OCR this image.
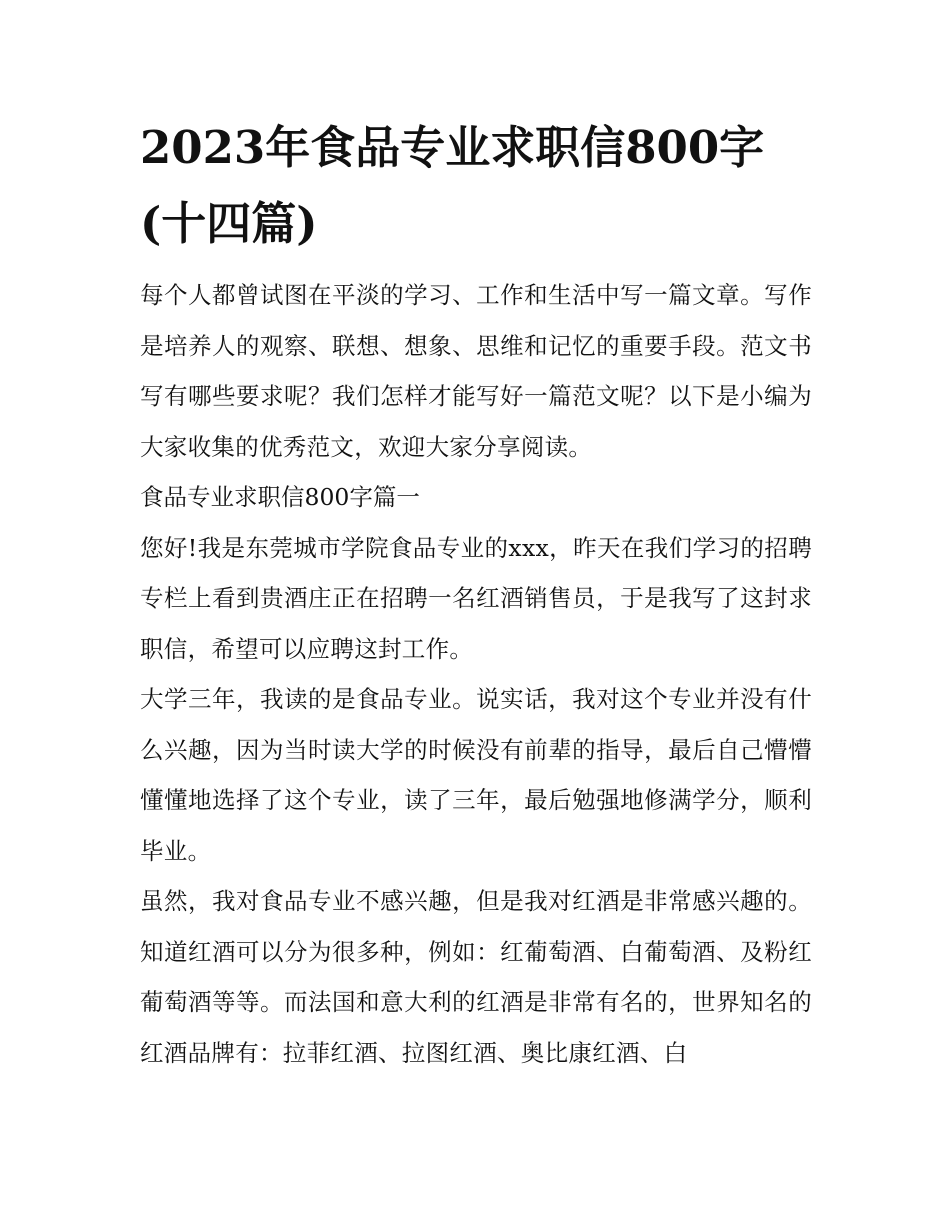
2023年食品专业求职信800字(十四篇)

每个人都曾试图在平淡的学习、工作和生活中写一篇文章。写作是培养人的观察、联想、想象、思维和记忆的重要手段。范文书写有哪些要求呢？我们怎样才能写好一篇范文呢？以下是小编为大家收集的优秀范文，欢迎大家分享阅读。

食品专业求职信800字篇一

您好!我是东莞城市学院食品专业的xxx，昨天在我们学习的招聘专栏上看到贵酒庄正在招聘一名红酒销售员，于是我写了这封求职信，希望可以应聘这封工作。

大学三年，我读的是食品专业。说实话，我对这个专业并没有什么兴趣，因为当时读大学的时候没有前辈的指导，最后自己懵懵懂懂地选择了这个专业，读了三年，最后勉强地修满学分，顺利毕业。

虽然，我对食品专业不感兴趣，但是我对红酒是非常感兴趣的。知道红酒可以分为很多种，例如：红葡萄酒、白葡萄酒、及粉红葡萄酒等等。而法国和意大利的红酒是非常有名的，世界知名的红酒品牌有：拉菲红酒、拉图红酒、奥比康红酒、白
